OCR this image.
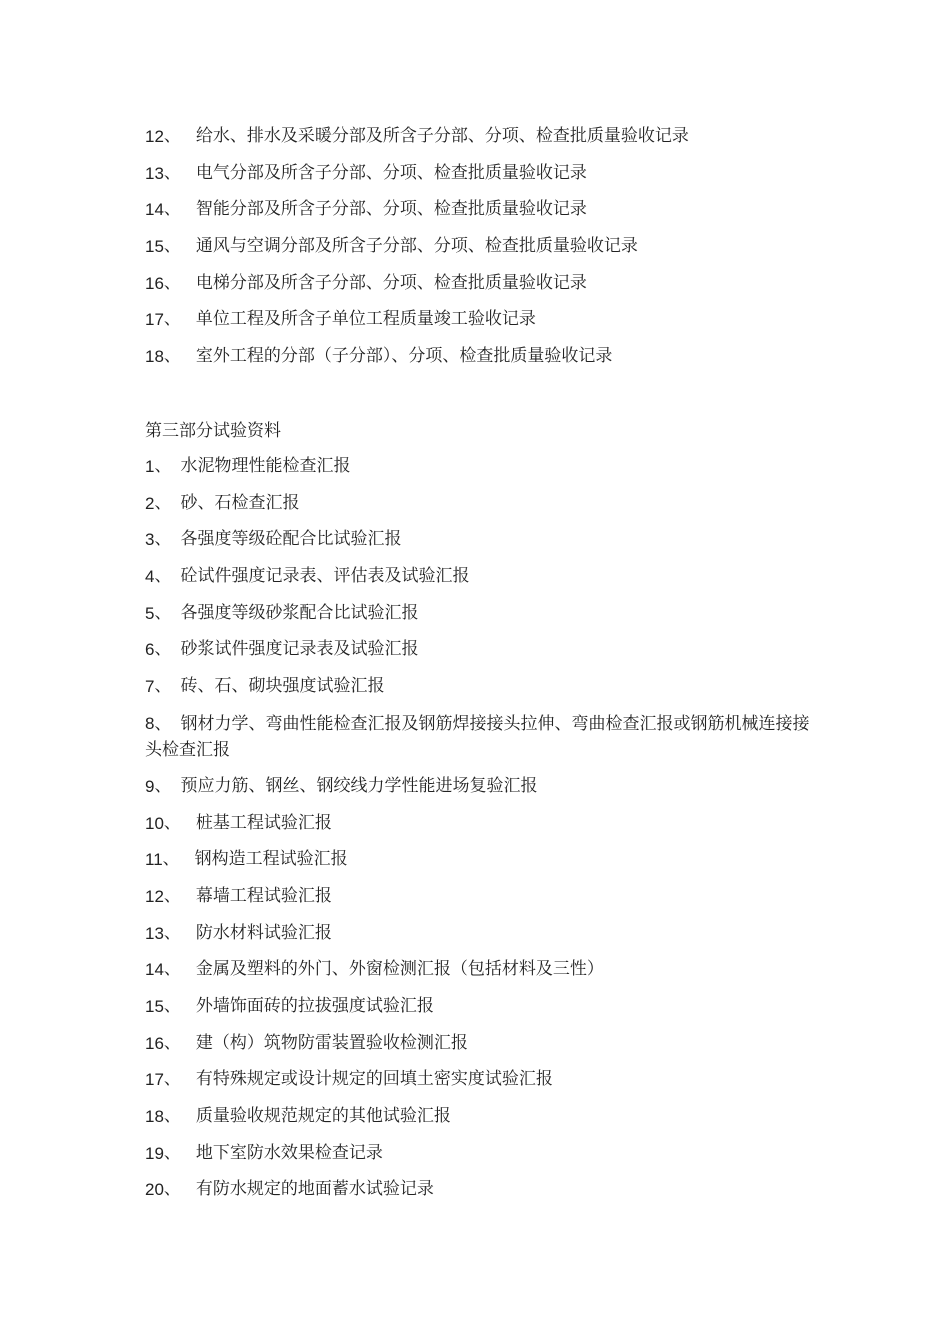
12 、 给水、排水及采暖分部及所含子分部、分项、检查批质量验收记录
13 、 电气分部及所含子分部、分项、检查批质量验收记录
14 、 智能分部及所含子分部、分项、检查批质量验收记录
15 、 通风与空调分部及所含子分部、分项、检查批质量验收记录
16 、 电梯分部及所含子分部、分项、检查批质量验收记录
17 、 单位工程及所含子单位工程质量竣工验收记录
18 、 室外工程的分部（子分部）、分项、检查批质量验收记录
第三部分试验资料
1 、 水泥物理性能检查汇报
2 、 砂、石检查汇报
3 、 各强度等级砼配合比试验汇报
4 、 砼试件强度记录表、评估表及试验汇报
5 、 各强度等级砂浆配合比试验汇报
6 、 砂浆试件强度记录表及试验汇报
7 、 砖、石、砌块强度试验汇报
8、 钢材力学、弯曲性能检查汇报及钢筋焊接接头拉伸、弯曲检查汇报或钢筋机械连接接头检查汇报
9 、 预应力筋、钢丝、钢绞线力学性能进场复验汇报
10 、 桩基工程试验汇报
11 、 钢构造工程试验汇报
12 、 幕墙工程试验汇报
13 、 防水材料试验汇报
14 、 金属及塑料的外门、外窗检测汇报（包括材料及三性）
15 、 外墙饰面砖的拉拔强度试验汇报
16 、 建（构）筑物防雷装置验收检测汇报
17 、 有特殊规定或设计规定的回填土密实度试验汇报
18 、 质量验收规范规定的其他试验汇报
19 、 地下室防水效果检查记录
20 、 有防水规定的地面蓄水试验记录
